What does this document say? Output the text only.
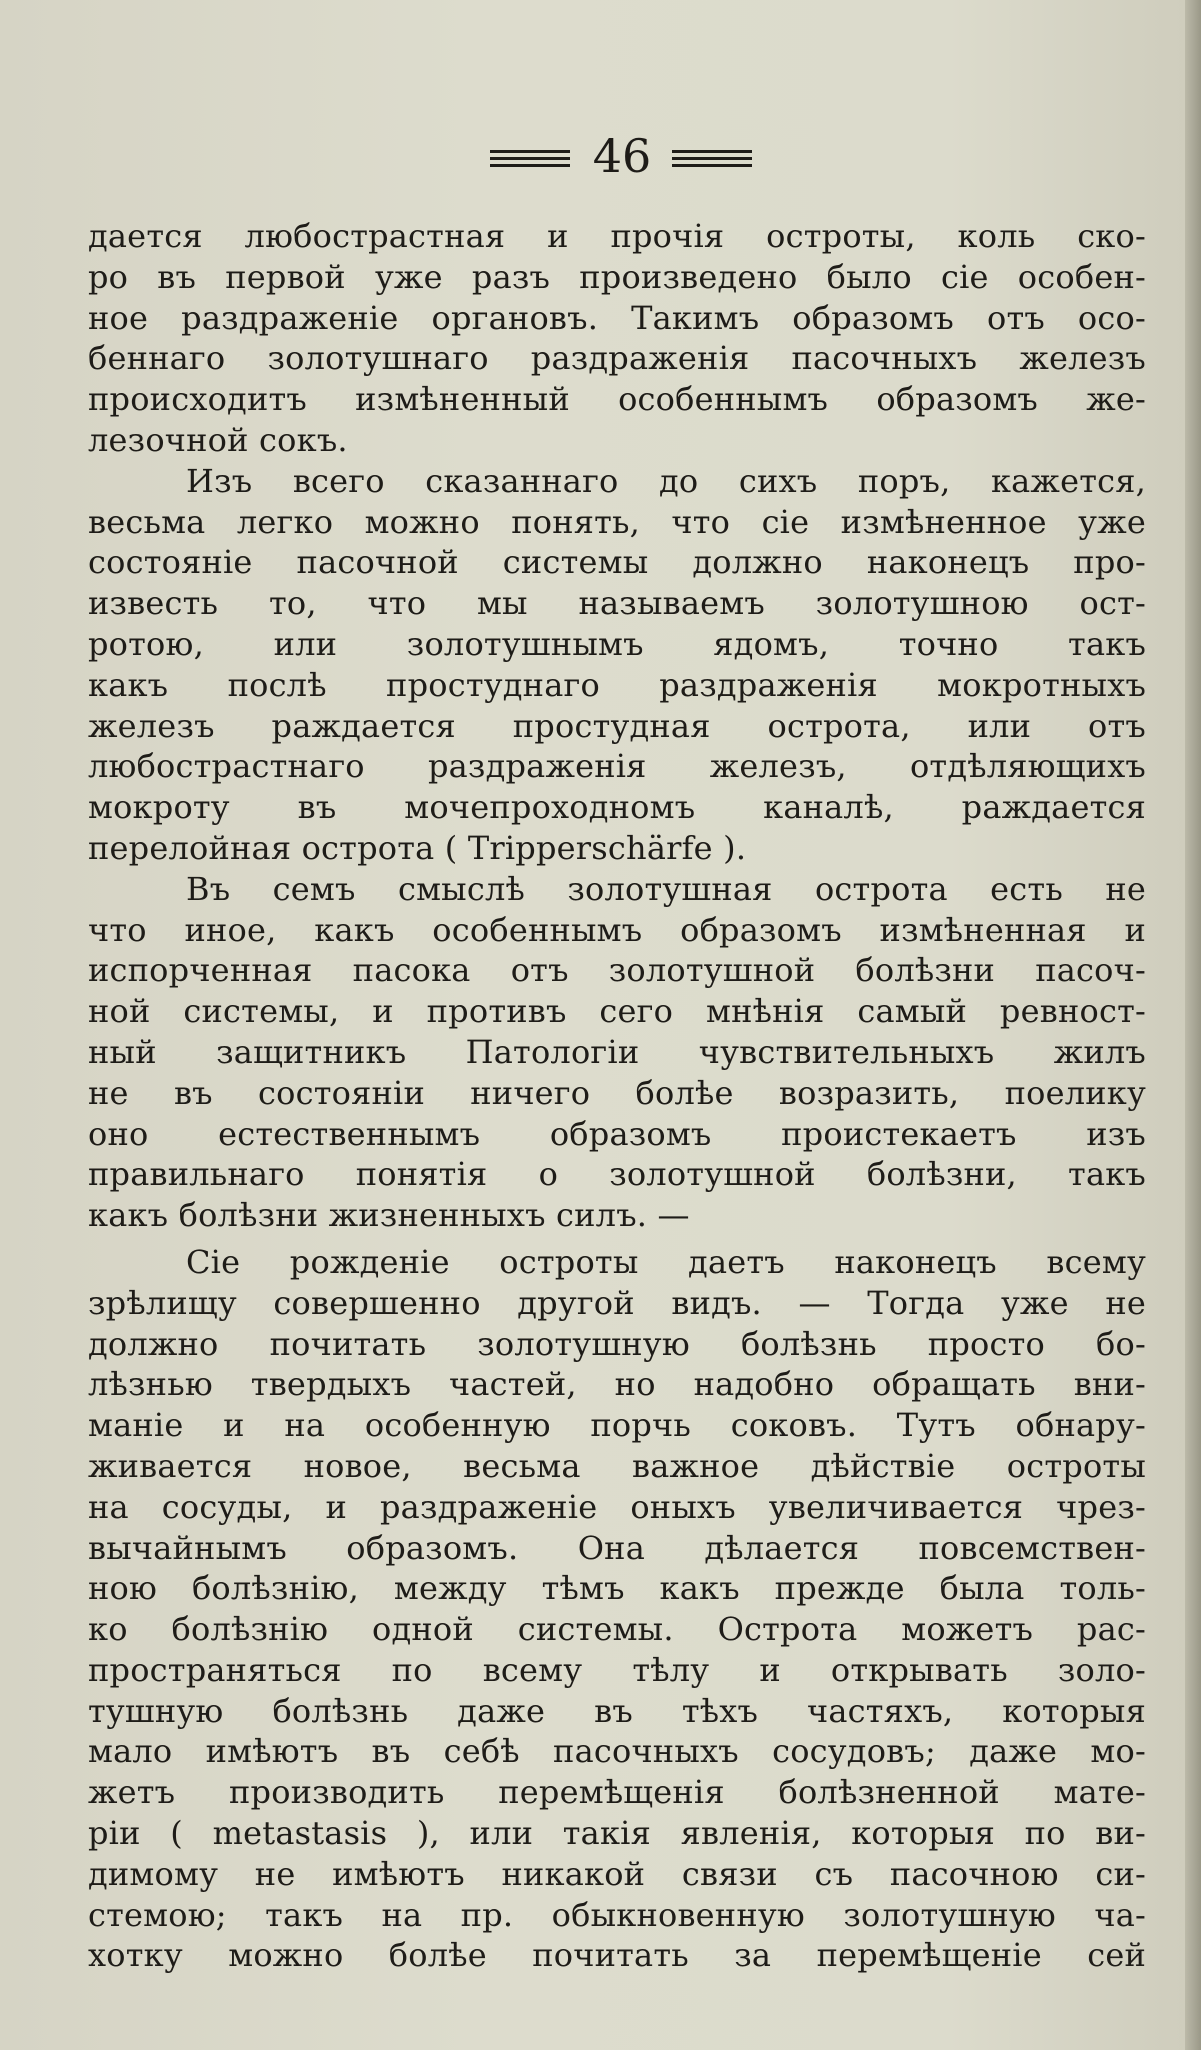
46
дается любострастная и прочія остроты, коль ско-
ро въ первой уже разъ произведено было сіе особен-
ное раздраженіе органовъ. Такимъ образомъ отъ осо-
беннаго золотушнаго раздраженія пасочныхъ железъ
происходитъ измѣненный особеннымъ образомъ же-
лезочной сокъ.
Изъ всего сказаннаго до сихъ поръ, кажется,
весьма легко можно понять, что сіе измѣненное уже
состояніе пасочной системы должно наконецъ про-
известь то, что мы называемъ золотушною ост-
ротою, или золотушнымъ ядомъ, точно такъ
какъ послѣ простуднаго раздраженія мокротныхъ
железъ раждается простудная острота, или отъ
любострастнаго раздраженія железъ, отдѣляющихъ
мокроту въ мочепроходномъ каналѣ, раждается
перелойная острота ( Tripperschärfe ).
Въ семъ смыслѣ золотушная острота есть не
что иное, какъ особеннымъ образомъ измѣненная и
испорченная пасока отъ золотушной болѣзни пасоч-
ной системы, и противъ сего мнѣнія самый ревност-
ный защитникъ Патологіи чувствительныхъ жилъ
не въ состояніи ничего болѣе возразить, поелику
оно естественнымъ образомъ проистекаетъ изъ
правильнаго понятія о золотушной болѣзни, такъ
какъ болѣзни жизненныхъ силъ. —
Сіе рожденіе остроты даетъ наконецъ всему
зрѣлищу совершенно другой видъ. — Тогда уже не
должно почитать золотушную болѣзнь просто бо-
лѣзнью твердыхъ частей, но надобно обращать вни-
маніе и на особенную порчь соковъ. Тутъ обнару-
живается новое, весьма важное дѣйствіе остроты
на сосуды, и раздраженіе оныхъ увеличивается чрез-
вычайнымъ образомъ. Она дѣлается повсемствен-
ною болѣзнію, между тѣмъ какъ прежде была толь-
ко болѣзнію одной системы. Острота можетъ рас-
пространяться по всему тѣлу и открывать золо-
тушную болѣзнь даже въ тѣхъ частяхъ, которыя
мало имѣютъ въ себѣ пасочныхъ сосудовъ; даже мо-
жетъ производить перемѣщенія болѣзненной мате-
ріи ( metastasis ), или такія явленія, которыя по ви-
димому не имѣютъ никакой связи съ пасочною си-
стемою; такъ на пр. обыкновенную золотушную ча-
хотку можно болѣе почитать за перемѣщеніе сей
